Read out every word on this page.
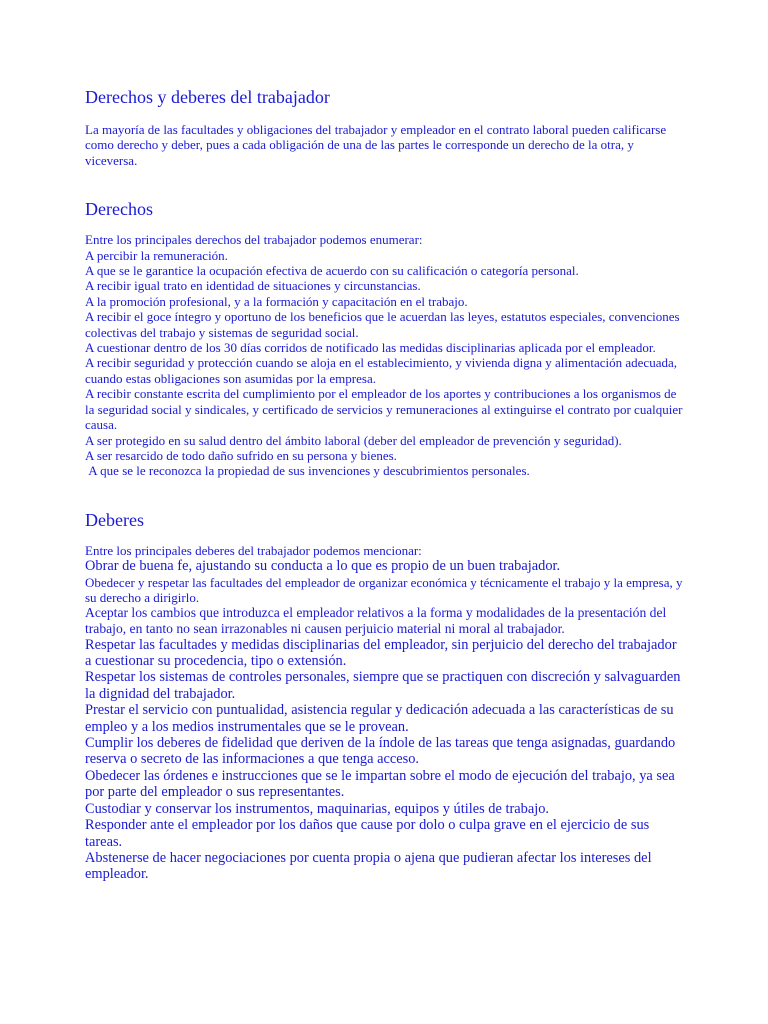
Derechos y deberes del trabajador

La mayoría de las facultades y obligaciones del trabajador y empleador en el contrato laboral pueden calificarse como derecho y deber, pues a cada obligación de una de las partes le corresponde un derecho de la otra, y viceversa.

Derechos

Entre los principales derechos del trabajador podemos enumerar:

A percibir la remuneración.
A que se le garantice la ocupación efectiva de acuerdo con su calificación o categoría personal.
A recibir igual trato en identidad de situaciones y circunstancias.
A la promoción profesional, y a la formación y capacitación en el trabajo.
A recibir el goce íntegro y oportuno de los beneficios que le acuerdan las leyes, estatutos especiales, convenciones colectivas del trabajo y sistemas de seguridad social.
A cuestionar dentro de los 30 días corridos de notificado las medidas disciplinarias aplicada por el empleador.
A recibir seguridad y protección cuando se aloja en el establecimiento, y vivienda digna y alimentación adecuada, cuando estas obligaciones son asumidas por la empresa.
A recibir constante escrita del cumplimiento por el empleador de los aportes y contribuciones a los organismos de la seguridad social y sindicales, y certificado de servicios y remuneraciones al extinguirse el contrato por cualquier causa.
A ser protegido en su salud dentro del ámbito laboral (deber del empleador de prevención y seguridad).
A ser resarcido de todo daño sufrido en su persona y bienes.
A que se le reconozca la propiedad de sus invenciones y descubrimientos personales.
Deberes

Entre los principales deberes del trabajador podemos mencionar:

Obrar de buena fe, ajustando su conducta a lo que es propio de un buen trabajador.
Obedecer y respetar las facultades del empleador de organizar económica y técnicamente el trabajo y la empresa, y su derecho a dirigirlo.
Aceptar los cambios que introduzca el empleador relativos a la forma y modalidades de la presentación del trabajo, en tanto no sean irrazonables ni causen perjuicio material ni moral al trabajador.
Respetar las facultades y medidas disciplinarias del empleador, sin perjuicio del derecho del trabajador a cuestionar su procedencia, tipo o extensión.
Respetar los sistemas de controles personales, siempre que se practiquen con discreción y salvaguarden la dignidad del trabajador.
Prestar el servicio con puntualidad, asistencia regular y dedicación adecuada a las características de su empleo y a los medios instrumentales que se le provean.
Cumplir los deberes de fidelidad que deriven de la índole de las tareas que tenga asignadas, guardando reserva o secreto de las informaciones a que tenga acceso.
Obedecer las órdenes e instrucciones que se le impartan sobre el modo de ejecución del trabajo, ya sea por parte del empleador o sus representantes.
Custodiar y conservar los instrumentos, maquinarias, equipos y útiles de trabajo.
Responder ante el empleador por los daños que cause por dolo o culpa grave en el ejercicio de sus tareas.
Abstenerse de hacer negociaciones por cuenta propia o ajena que pudieran afectar los intereses del empleador.
